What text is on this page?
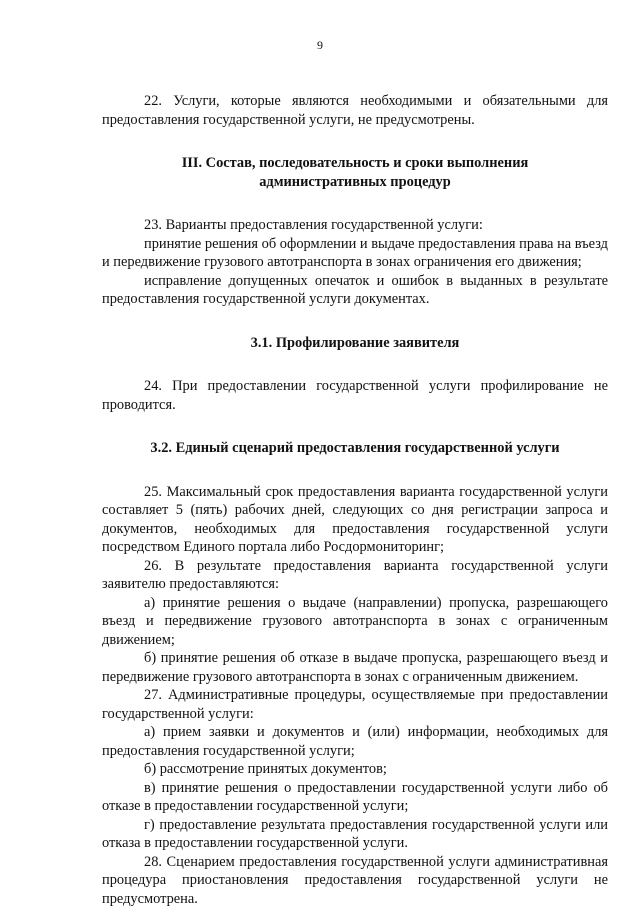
9

22. Услуги, которые являются необходимыми и обязательными для предоставления государственной услуги, не предусмотрены.

III. Состав, последовательность и сроки выполнения

административных процедур

23. Варианты предоставления государственной услуги:

принятие решения об оформлении и выдаче предоставления права на въезд и передвижение грузового автотранспорта в зонах ограничения его движения;

исправление допущенных опечаток и ошибок в выданных в результате предоставления государственной услуги документах.

3.1. Профилирование заявителя

24. При предоставлении государственной услуги профилирование не проводится.

3.2. Единый сценарий предоставления государственной услуги

25. Максимальный срок предоставления варианта государственной услуги составляет 5 (пять) рабочих дней, следующих со дня регистрации запроса и документов, необходимых для предоставления государственной услуги посредством Единого портала либо Росдормониторинг;

26. В результате предоставления варианта государственной услуги заявителю предоставляются:

а) принятие решения о выдаче (направлении) пропуска, разрешающего въезд и передвижение грузового автотранспорта в зонах с ограниченным движением;

б) принятие решения об отказе в выдаче пропуска, разрешающего въезд и передвижение грузового автотранспорта в зонах с ограниченным движением.

27. Административные процедуры, осуществляемые при предоставлении государственной услуги:

а) прием заявки и документов и (или) информации, необходимых для предоставления государственной услуги;

б) рассмотрение принятых документов;

в) принятие решения о предоставлении государственной услуги либо об отказе в предоставлении государственной услуги;

г) предоставление результата предоставления государственной услуги или отказа в предоставлении государственной услуги.

28. Сценарием предоставления государственной услуги административная процедура приостановления предоставления государственной услуги не предусмотрена.
